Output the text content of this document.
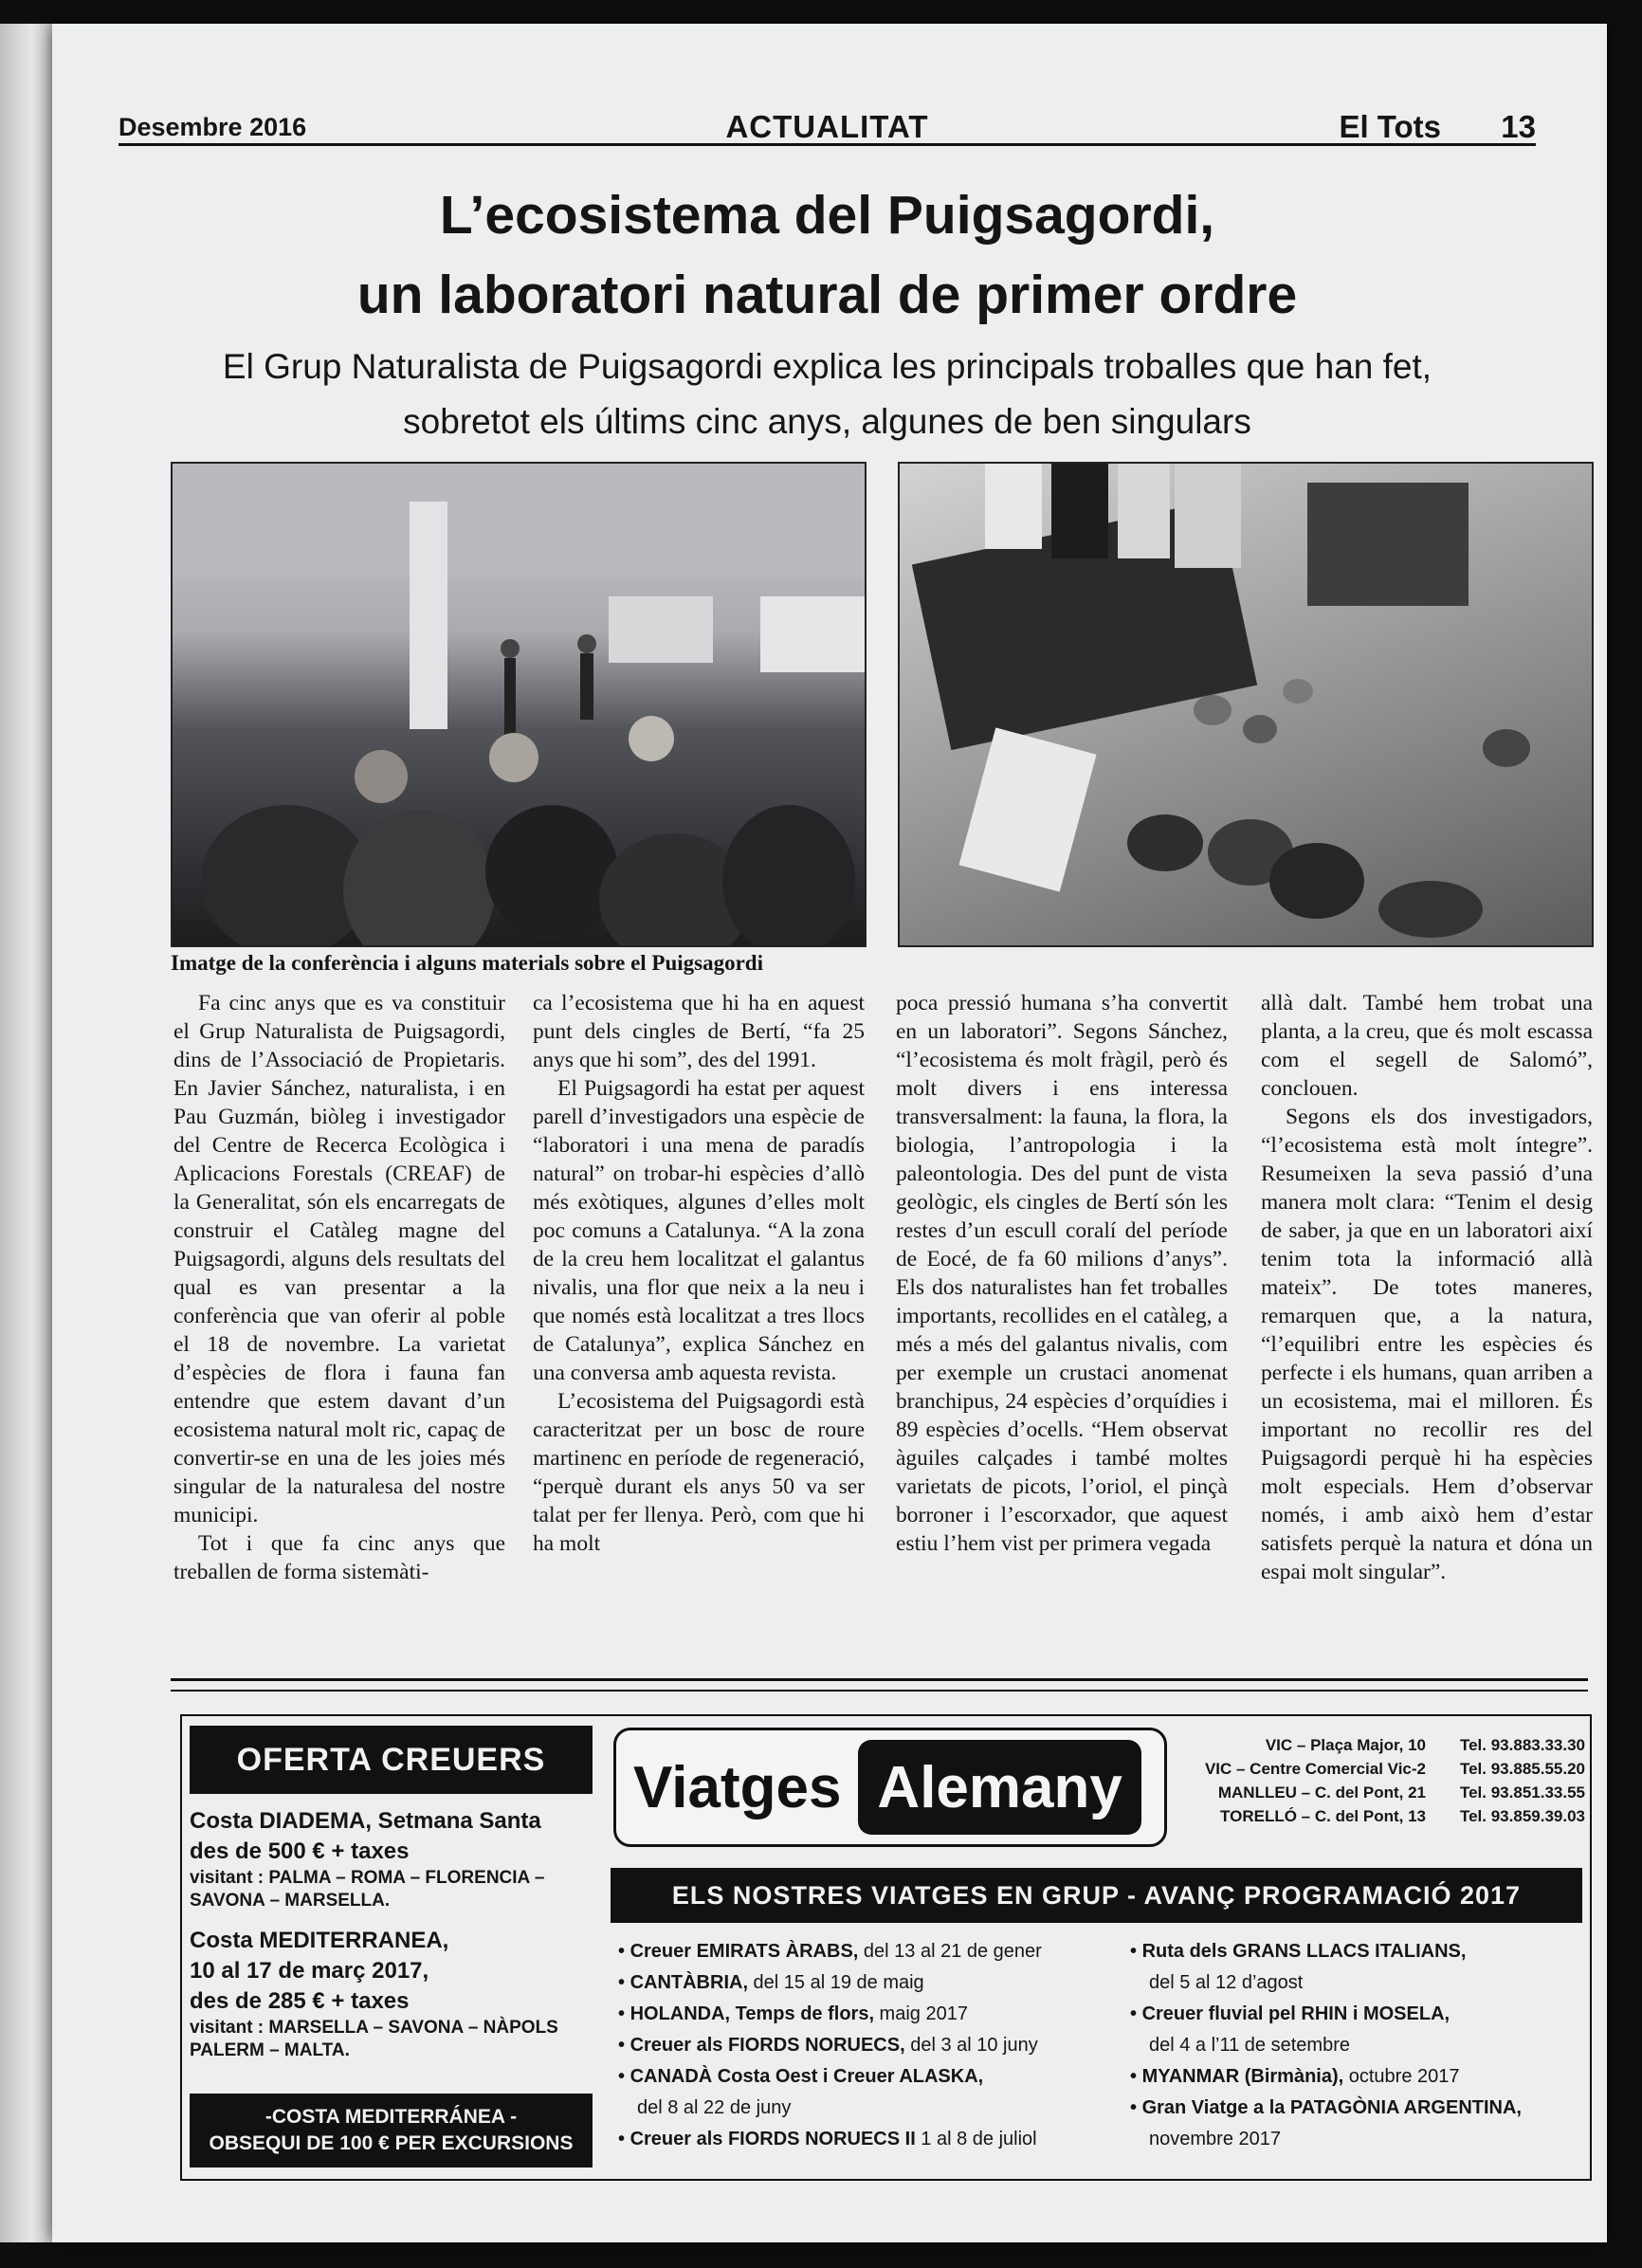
Desembre 2016	ACTUALITAT	El Tots 13
L’ecosistema del Puigsagordi,
un laboratori natural de primer ordre
El Grup Naturalista de Puigsagordi explica les principals troballes que han fet,
sobretot els últims cinc anys, algunes de ben singulars
Imatge de la conferència i alguns materials sobre el Puigsagordi

Fa cinc anys que es va constituir el Grup Naturalista de Puigsagordi, dins de l’Associació de Propietaris. En Javier Sánchez, naturalista, i en Pau Guzmán, biòleg i investigador del Centre de Recerca Ecològica i Aplicacions Forestals (CREAF) de la Generalitat, són els encarregats de construir el Catàleg magne del Puigsagordi, alguns dels resultats del qual es van presentar a la conferència que van oferir al poble el 18 de novembre. La varietat d’espècies de flora i fauna fan entendre que estem davant d’un ecosistema natural molt ric, capaç de convertir-se en una de les joies més singular de la naturalesa del nostre municipi.

Tot i que fa cinc anys que treballen de forma sistemàti-

ca l’ecosistema que hi ha en aquest punt dels cingles de Bertí, “fa 25 anys que hi som”, des del 1991.

El Puigsagordi ha estat per aquest parell d’investigadors una espècie de “laboratori i una mena de paradís natural” on trobar-hi espècies d’allò més exòtiques, algunes d’elles molt poc comuns a Catalunya. “A la zona de la creu hem localitzat el galantus nivalis, una flor que neix a la neu i que només està localitzat a tres llocs de Catalunya”, explica Sánchez en una conversa amb aquesta revista.

L’ecosistema del Puigsagordi està caracteritzat per un bosc de roure martinenc en període de regeneració, “perquè durant els anys 50 va ser talat per fer llenya. Però, com que hi ha molt

poca pressió humana s’ha convertit en un laboratori”. Segons Sánchez, “l’ecosistema és molt fràgil, però és molt divers i ens interessa transversalment: la fauna, la flora, la biologia, l’antropologia i la paleontologia. Des del punt de vista geològic, els cingles de Bertí són les restes d’un escull coralí del període de Eocé, de fa 60 milions d’anys”. Els dos naturalistes han fet troballes importants, recollides en el catàleg, a més a més del galantus nivalis, com per exemple un crustaci anomenat branchipus, 24 espècies d’orquídies i 89 espècies d’ocells. “Hem observat àguiles calçades i també moltes varietats de picots, l’oriol, el pinçà borroner i l’escorxador, que aquest estiu l’hem vist per primera vegada

allà dalt. També hem trobat una planta, a la creu, que és molt escassa com el segell de Salomó”, conclouen.

Segons els dos investigadors, “l’ecosistema està molt íntegre”. Resumeixen la seva passió d’una manera molt clara: “Tenim el desig de saber, ja que en un laboratori així tenim tota la informació allà mateix”. De totes maneres, remarquen que, a la natura, “l’equilibri entre les espècies és perfecte i els humans, quan arriben a un ecosistema, mai el milloren. És important no recollir res del Puigsagordi perquè hi ha espècies molt especials. Hem d’observar només, i amb això hem d’estar satisfets perquè la natura et dóna un espai molt singular”.

OFERTA CREUERS
Costa DIADEMA, Setmana Santa
des de 500 € + taxes
visitant : PALMA – ROMA – FLORENCIA – SAVONA – MARSELLA.
Costa MEDITERRANEA,
10 al 17 de març 2017,
des de 285 € + taxes
visitant : MARSELLA – SAVONA – NÀPOLS PALERM – MALTA.
-COSTA MEDITERRÁNEA -
OBSEQUI DE 100 € PER EXCURSIONS
Viatges Alemany
VIC – Plaça Major, 10 Tel. 93.883.33.30
VIC – Centre Comercial Vic-2 Tel. 93.885.55.20
MANLLEU – C. del Pont, 21 Tel. 93.851.33.55
TORELLÓ – C. del Pont, 13 Tel. 93.859.39.03
ELS NOSTRES VIATGES EN GRUP - AVANÇ PROGRAMACIÓ 2017
• Creuer EMIRATS ÀRABS, del 13 al 21 de gener
• CANTÀBRIA, del 15 al 19 de maig
• HOLANDA, Temps de flors, maig 2017
• Creuer als FIORDS NORUECS, del 3 al 10 juny
• CANADÀ Costa Oest i Creuer ALASKA,
del 8 al 22 de juny
• Creuer als FIORDS NORUECS II 1 al 8 de juliol
• Ruta dels GRANS LLACS ITALIANS,
del 5 al 12 d’agost
• Creuer fluvial pel RHIN i MOSELA,
del 4 a l’11 de setembre
• MYANMAR (Birmània), octubre 2017
• Gran Viatge a la PATAGÒNIA ARGENTINA,
novembre 2017
